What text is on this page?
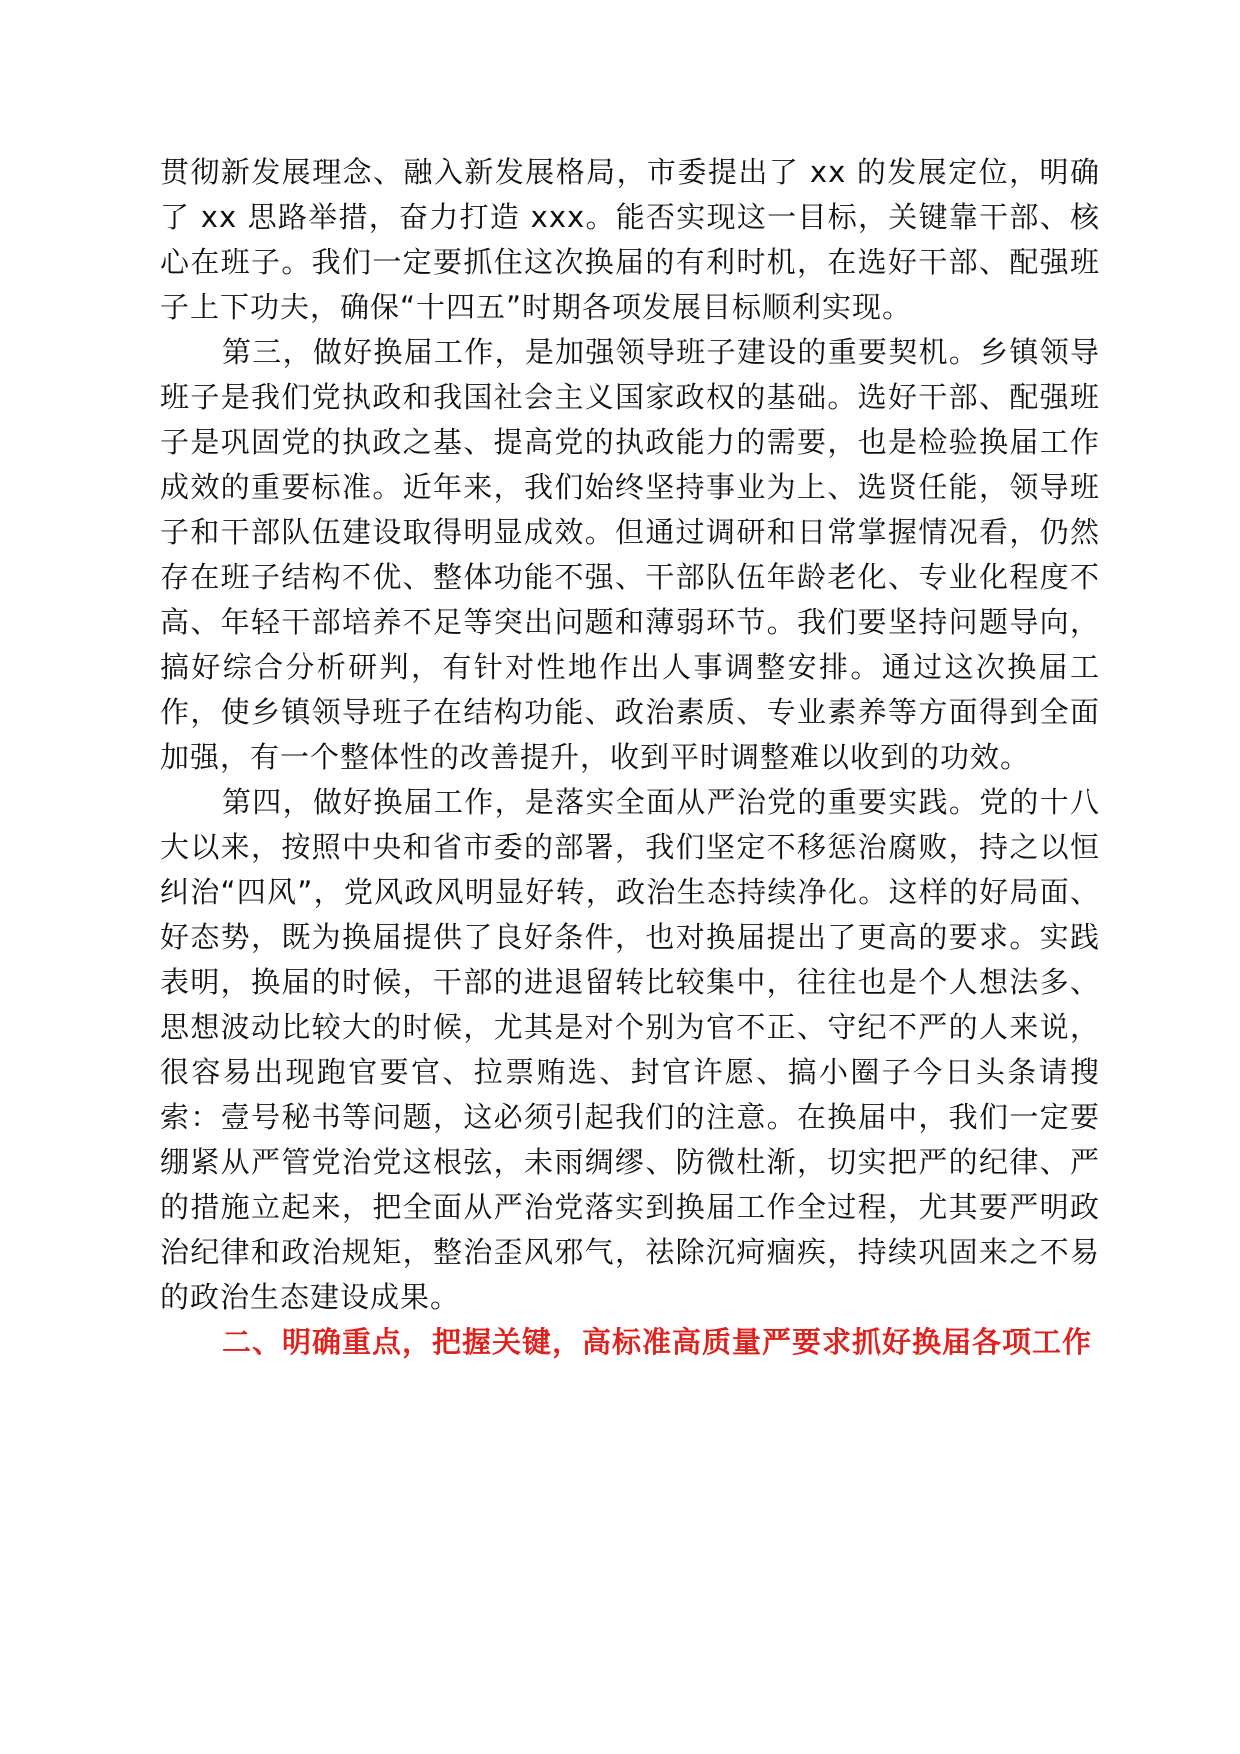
贯彻新发展理念、融入新发展格局，市委提出了 xx 的发展定位，明确了 xx 思路举措，奋力打造 xxx。能否实现这一目标，关键靠干部、核心在班子。我们一定要抓住这次换届的有利时机，在选好干部、配强班子上下功夫，确保“十四五”时期各项发展目标顺利实现。

第三，做好换届工作，是加强领导班子建设的重要契机。乡镇领导班子是我们党执政和我国社会主义国家政权的基础。选好干部、配强班子是巩固党的执政之基、提高党的执政能力的需要，也是检验换届工作成效的重要标准。近年来，我们始终坚持事业为上、选贤任能，领导班子和干部队伍建设取得明显成效。但通过调研和日常掌握情况看，仍然存在班子结构不优、整体功能不强、干部队伍年龄老化、专业化程度不高、年轻干部培养不足等突出问题和薄弱环节。我们要坚持问题导向，搞好综合分析研判，有针对性地作出人事调整安排。通过这次换届工作，使乡镇领导班子在结构功能、政治素质、专业素养等方面得到全面加强，有一个整体性的改善提升，收到平时调整难以收到的功效。

第四，做好换届工作，是落实全面从严治党的重要实践。党的十八大以来，按照中央和省市委的部署，我们坚定不移惩治腐败，持之以恒纠治“四风”，党风政风明显好转，政治生态持续净化。这样的好局面、好态势，既为换届提供了良好条件，也对换届提出了更高的要求。实践表明，换届的时候，干部的进退留转比较集中，往往也是个人想法多、思想波动比较大的时候，尤其是对个别为官不正、守纪不严的人来说，很容易出现跑官要官、拉票贿选、封官许愿、搞小圈子今日头条请搜索：壹号秘书等问题，这必须引起我们的注意。在换届中，我们一定要绷紧从严管党治党这根弦，未雨绸缪、防微杜渐，切实把严的纪律、严的措施立起来，把全面从严治党落实到换届工作全过程，尤其要严明政治纪律和政治规矩，整治歪风邪气，祛除沉疴痼疾，持续巩固来之不易的政治生态建设成果。

二、明确重点，把握关键，高标准高质量严要求抓好换届各项工作
